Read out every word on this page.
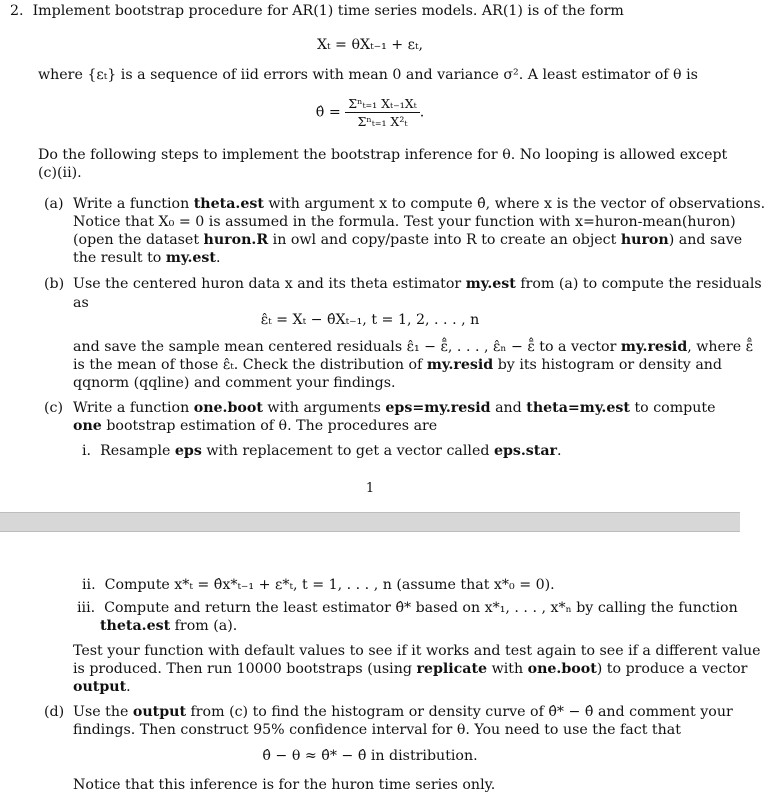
2. Implement bootstrap procedure for AR(1) time series models. AR(1) is of the form
Xₜ = θXₜ₋₁ + εₜ,
where {εₜ} is a sequence of iid errors with mean 0 and variance σ². A least estimator of θ is
θ̂ = $\frac{\text{Σⁿₜ₌₁ Xₜ₋₁Xₜ}}{\text{Σⁿₜ₌₁ X²ₜ}}$ .
Do the following steps to implement the bootstrap inference for θ. No looping is allowed except
(c)(ii).
(a) Write a function theta.est with argument x to compute θ̂, where x is the vector of observations.
Notice that X₀ = 0 is assumed in the formula. Test your function with x=huron-mean(huron)
(open the dataset huron.R in owl and copy/paste into R to create an object huron) and save
the result to my.est.
(b) Use the centered huron data x and its theta estimator my.est from (a) to compute the residuals
as
ε̂ₜ = Xₜ − θ̂Xₜ₋₁, t = 1, 2, . . . , n
and save the sample mean centered residuals ε̂₁ − ε̄̂, . . . , ε̂ₙ − ε̄̂ to a vector my.resid, where ε̄̂
is the mean of those ε̂ₜ. Check the distribution of my.resid by its histogram or density and
qqnorm (qqline) and comment your findings.
(c) Write a function one.boot with arguments eps=my.resid and theta=my.est to compute
one bootstrap estimation of θ. The procedures are
i. Resample eps with replacement to get a vector called eps.star.
1
ii. Compute x*ₜ = θ̂x*ₜ₋₁ + ε*ₜ, t = 1, . . . , n (assume that x*₀ = 0).
iii. Compute and return the least estimator θ̂* based on x*₁, . . . , x*ₙ by calling the function
theta.est from (a).
Test your function with default values to see if it works and test again to see if a different value
is produced. Then run 10000 bootstraps (using replicate with one.boot) to produce a vector
output.
(d) Use the output from (c) to find the histogram or density curve of θ̂* − θ̂ and comment your
findings. Then construct 95% confidence interval for θ. You need to use the fact that
θ̂ − θ ≈ θ̂* − θ̂ in distribution.
Notice that this inference is for the huron time series only.
